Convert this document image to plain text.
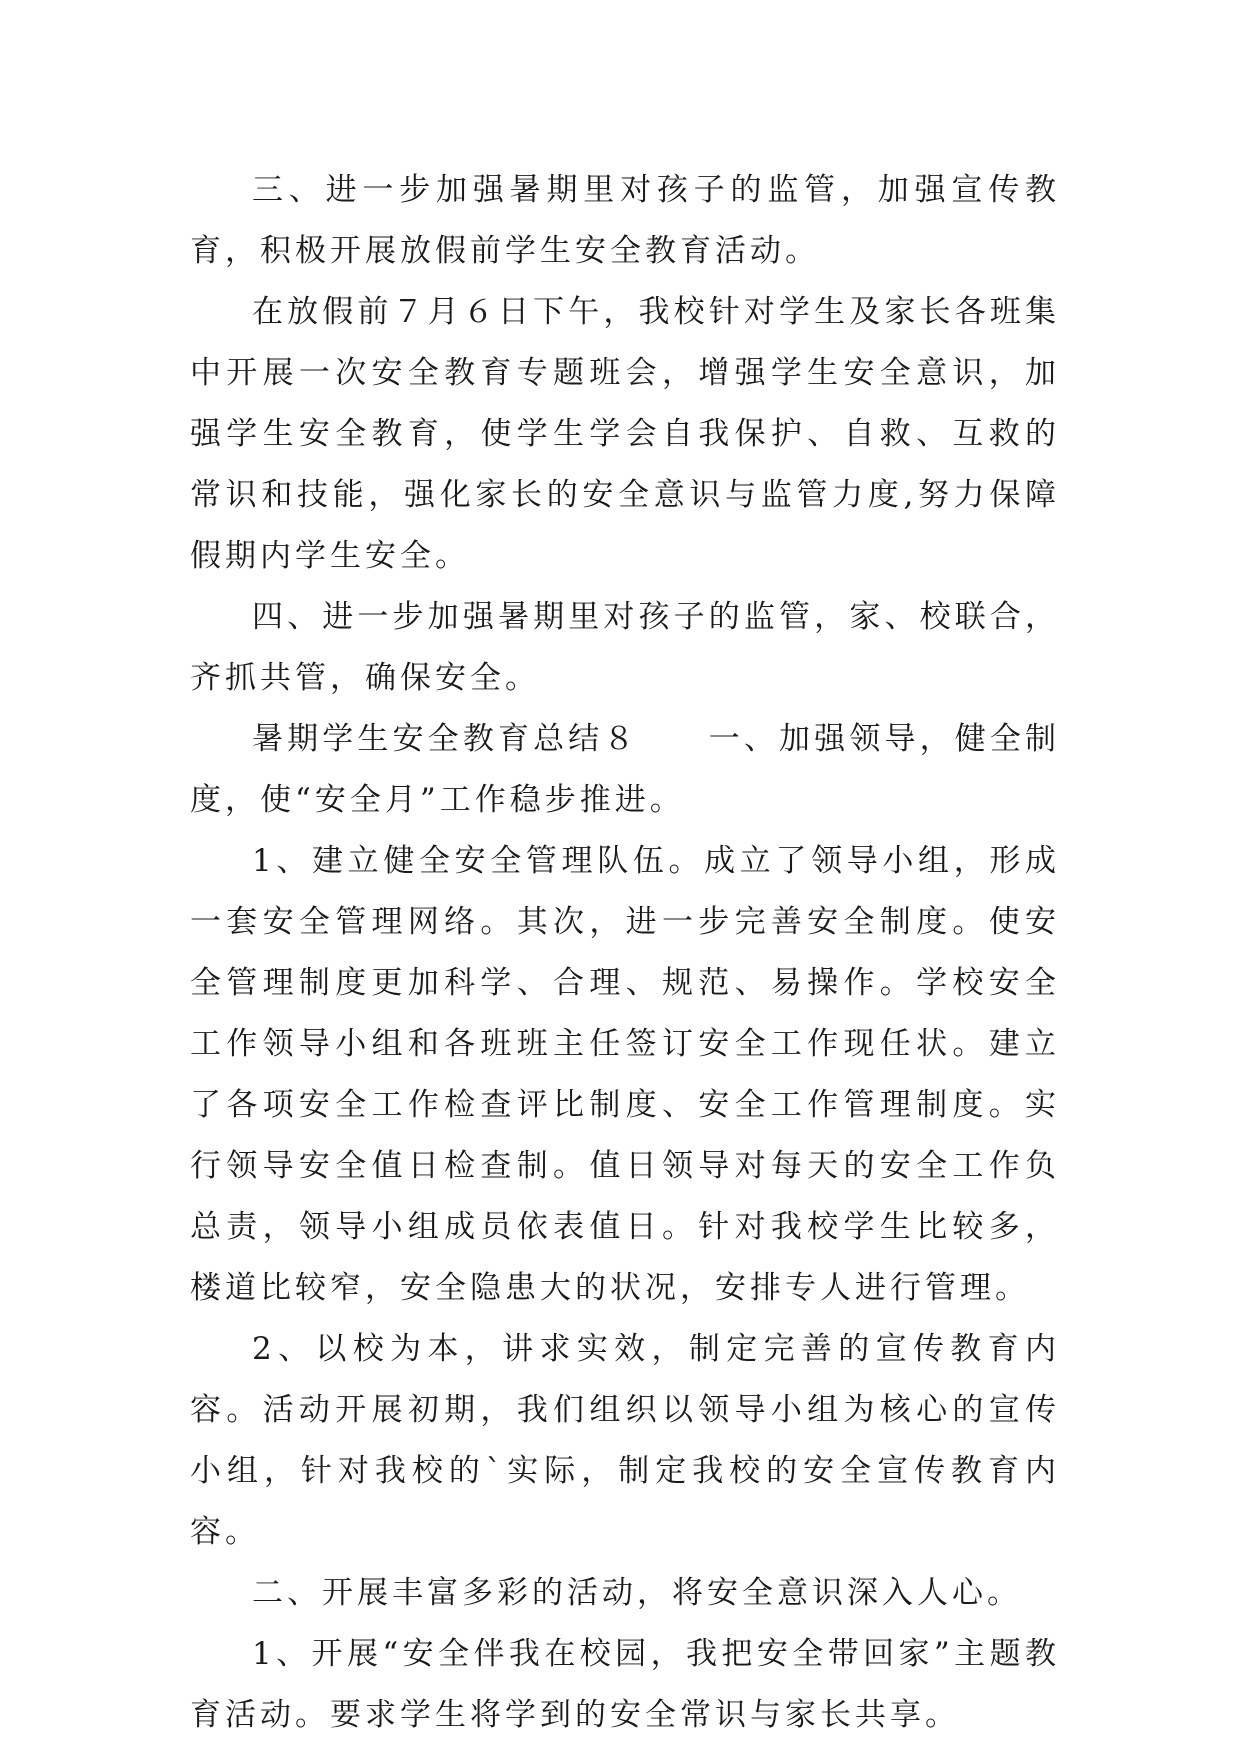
三、进一步加强暑期里对孩子的监管，加强宣传教育，积极开展放假前学生安全教育活动。

在放假前７月６日下午，我校针对学生及家长各班集中开展一次安全教育专题班会，增强学生安全意识，加强学生安全教育，使学生学会自我保护、自救、互救的常识和技能，强化家长的安全意识与监管力度,努力保障假期内学生安全。

四、进一步加强暑期里对孩子的监管，家、校联合，齐抓共管，确保安全。

暑期学生安全教育总结８　　一、加强领导，健全制度，使“安全月”工作稳步推进。

1、建立健全安全管理队伍。成立了领导小组，形成一套安全管理网络。其次，进一步完善安全制度。使安全管理制度更加科学、合理、规范、易操作。学校安全工作领导小组和各班班主任签订安全工作现任状。建立了各项安全工作检查评比制度、安全工作管理制度。实行领导安全值日检查制。值日领导对每天的安全工作负总责，领导小组成员依表值日。针对我校学生比较多，楼道比较窄，安全隐患大的状况，安排专人进行管理。

2、以校为本，讲求实效，制定完善的宣传教育内容。活动开展初期，我们组织以领导小组为核心的宣传小组，针对我校的`实际，制定我校的安全宣传教育内容。

二、开展丰富多彩的活动，将安全意识深入人心。

1、开展“安全伴我在校园，我把安全带回家”主题教育活动。要求学生将学到的安全常识与家长共享。
